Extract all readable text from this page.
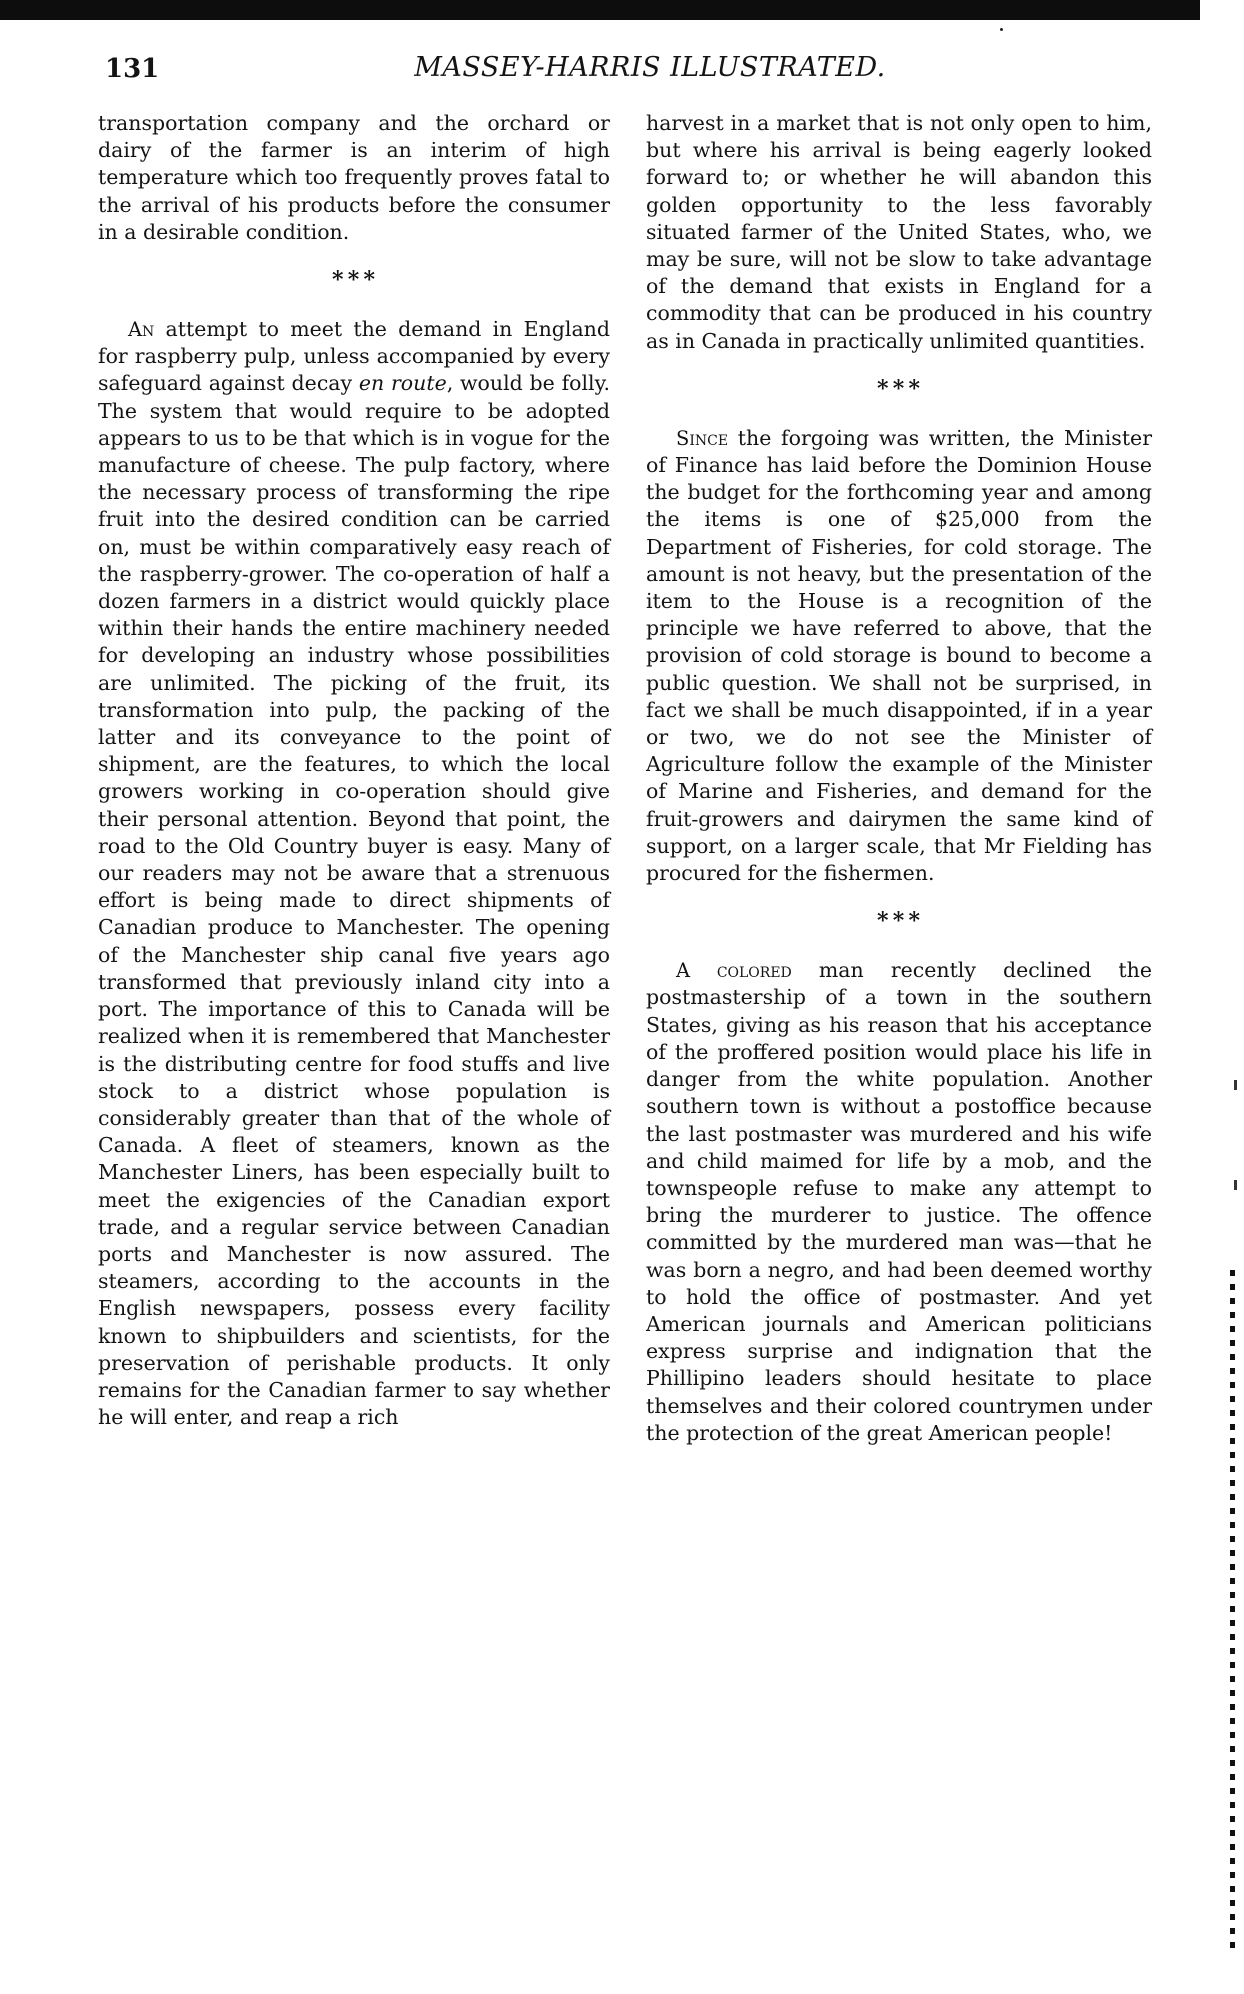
131	MASSEY-HARRIS ILLUSTRATED.

transportation company and the orchard or dairy of the farmer is an interim of high temperature which too frequently proves fatal to the arrival of his products before the consumer in a desirable condition.

* * *

An attempt to meet the demand in England for raspberry pulp, unless accompanied by every safeguard against decay en route, would be folly. The system that would require to be adopted appears to us to be that which is in vogue for the manufacture of cheese. The pulp factory, where the necessary process of transforming the ripe fruit into the desired condition can be carried on, must be within comparatively easy reach of the raspberry-grower. The co-operation of half a dozen farmers in a district would quickly place within their hands the entire machinery needed for developing an industry whose possibilities are unlimited. The picking of the fruit, its transformation into pulp, the packing of the latter and its conveyance to the point of shipment, are the features, to which the local growers working in co-operation should give their personal attention. Beyond that point, the road to the Old Country buyer is easy. Many of our readers may not be aware that a strenuous effort is being made to direct shipments of Canadian produce to Manchester. The opening of the Manchester ship canal five years ago transformed that previously inland city into a port. The importance of this to Canada will be realized when it is remembered that Manchester is the distributing centre for food stuffs and live stock to a district whose population is considerably greater than that of the whole of Canada. A fleet of steamers, known as the Manchester Liners, has been especially built to meet the exigencies of the Canadian export trade, and a regular service between Canadian ports and Manchester is now assured. The steamers, according to the accounts in the English newspapers, possess every facility known to shipbuilders and scientists, for the preservation of perishable products. It only remains for the Canadian farmer to say whether he will enter, and reap a rich

harvest in a market that is not only open to him, but where his arrival is being eagerly looked forward to; or whether he will abandon this golden opportunity to the less favorably situated farmer of the United States, who, we may be sure, will not be slow to take advantage of the demand that exists in England for a commodity that can be produced in his country as in Canada in practically unlimited quantities.

* * *

Since the forgoing was written, the Minister of Finance has laid before the Dominion House the budget for the forthcoming year and among the items is one of $25,000 from the Department of Fisheries, for cold storage. The amount is not heavy, but the presentation of the item to the House is a recognition of the principle we have referred to above, that the provision of cold storage is bound to become a public question. We shall not be surprised, in fact we shall be much disappointed, if in a year or two, we do not see the Minister of Agriculture follow the example of the Minister of Marine and Fisheries, and demand for the fruit-growers and dairymen the same kind of support, on a larger scale, that Mr Fielding has procured for the fishermen.

* * *

A colored man recently declined the postmastership of a town in the southern States, giving as his reason that his acceptance of the proffered position would place his life in danger from the white population. Another southern town is without a postoffice because the last postmaster was murdered and his wife and child maimed for life by a mob, and the townspeople refuse to make any attempt to bring the murderer to justice. The offence committed by the murdered man was—that he was born a negro, and had been deemed worthy to hold the office of postmaster. And yet American journals and American politicians express surprise and indignation that the Phillipino leaders should hesitate to place themselves and their colored countrymen under the protection of the great American people!
